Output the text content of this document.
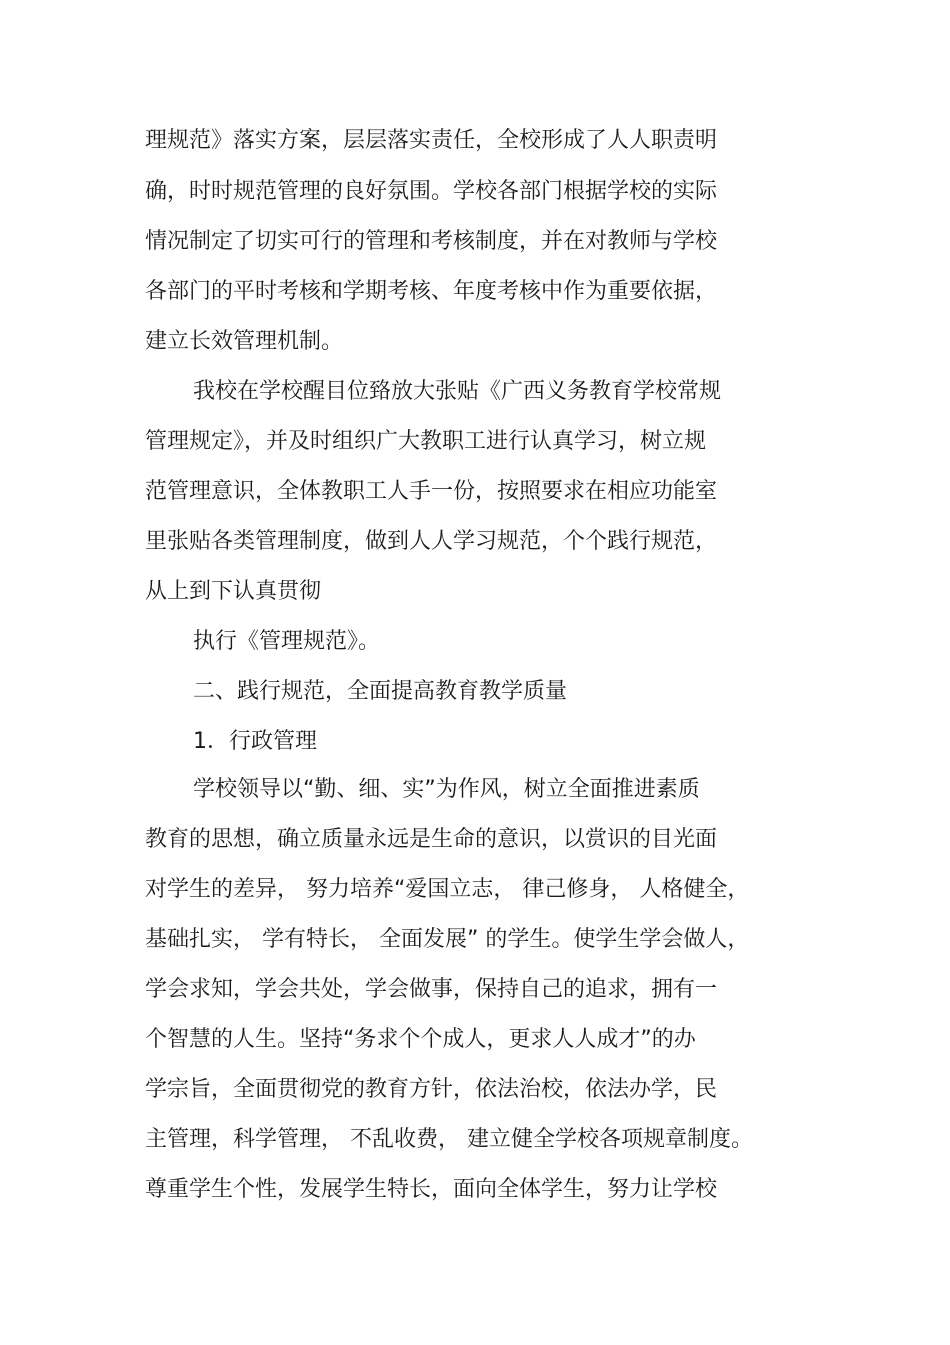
理规范》落实方案，层层落实责任，全校形成了人人职责明
确，时时规范管理的良好氛围。学校各部门根据学校的实际
情况制定了切实可行的管理和考核制度，并在对教师与学校
各部门的平时考核和学期考核、年度考核中作为重要依据，
建立长效管理机制。
我校在学校醒目位臵放大张贴《广西义务教育学校常规
管理规定》，并及时组织广大教职工进行认真学习，树立规
范管理意识，全体教职工人手一份，按照要求在相应功能室
里张贴各类管理制度，做到人人学习规范，个个践行规范，
从上到下认真贯彻
执行《管理规范》。
二、践行规范，全面提高教育教学质量
1．行政管理
学校领导以“勤、细、实”为作风，树立全面推进素质
教育的思想，确立质量永远是生命的意识，以赏识的目光面
对学生的差异， 努力培养“爱国立志， 律己修身， 人格健全，
基础扎实， 学有特长， 全面发展” 的学生。使学生学会做人，
学会求知，学会共处，学会做事，保持自己的追求，拥有一
个智慧的人生。坚持“务求个个成人，更求人人成才”的办
学宗旨，全面贯彻党的教育方针，依法治校，依法办学，民
主管理，科学管理， 不乱收费， 建立健全学校各项规章制度。
尊重学生个性，发展学生特长，面向全体学生，努力让学校
